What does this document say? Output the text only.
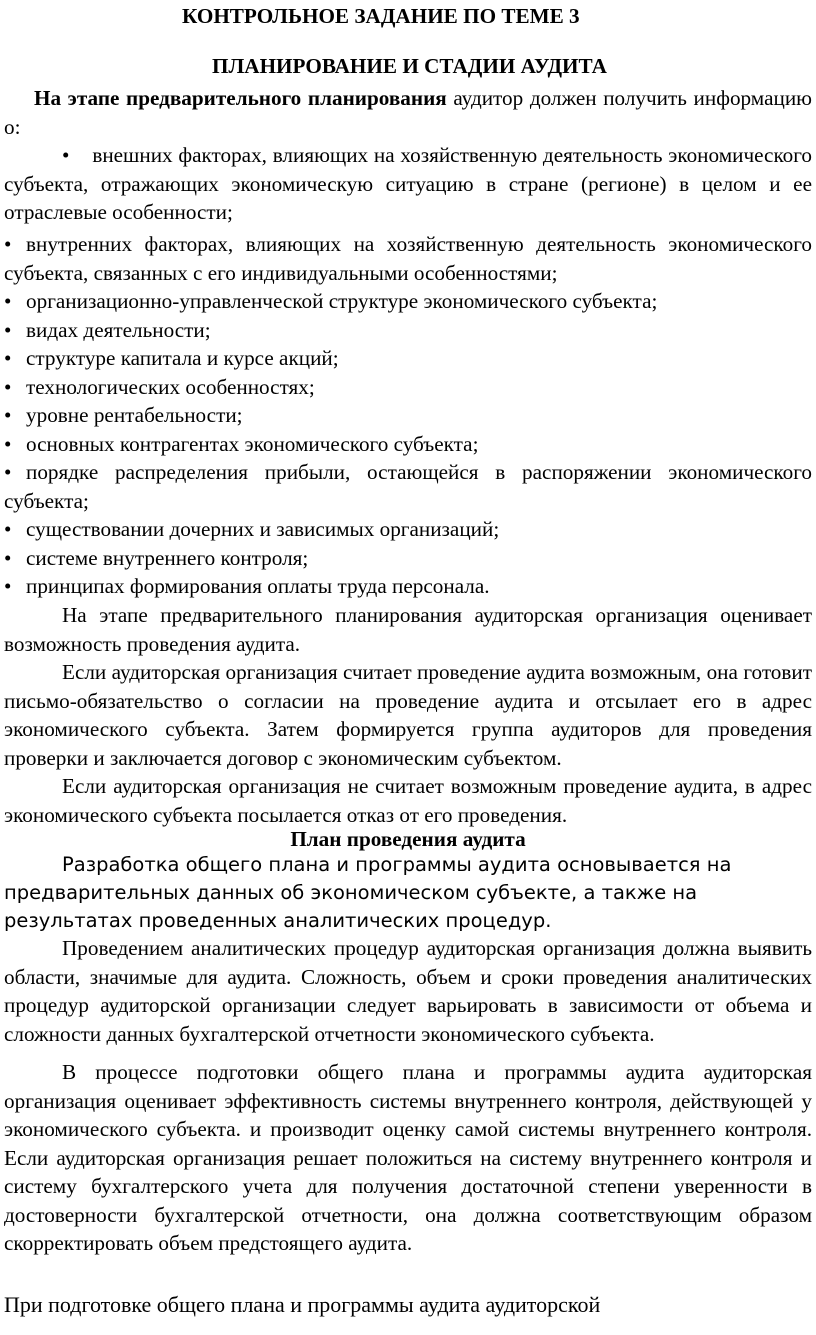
КОНТРОЛЬНОЕ ЗАДАНИЕ ПО ТЕМЕ 3
ПЛАНИРОВАНИЕ И СТАДИИ АУДИТА

На этапе предварительного планирования аудитор должен получить информацию о:

• внешних факторах, влияющих на хозяйственную деятельность экономического субъекта, отражающих экономическую ситуацию в стране (регионе) в целом и ее отраслевые особенности;

• внутренних факторах, влияющих на хозяйственную деятельность экономического субъекта, связанных с его индивидуальными особенностями;

• организационно-управленческой структуре экономического субъекта;

• видах деятельности;

• структуре капитала и курсе акций;

• технологических особенностях;

• уровне рентабельности;

• основных контрагентах экономического субъекта;

• порядке распределения прибыли, остающейся в распоряжении экономического субъекта;

• существовании дочерних и зависимых организаций;

• системе внутреннего контроля;

• принципах формирования оплаты труда персонала.

На этапе предварительного планирования аудиторская организация оценивает возможность проведения аудита.

Если аудиторская организация считает проведение аудита возможным, она готовит письмо-обязательство о согласии на проведение аудита и отсылает его в адрес экономического субъекта. Затем формируется группа аудиторов для проведения проверки и заключается договор с экономическим субъектом.

Если аудиторская организация не считает возможным проведение аудита, в адрес экономического субъекта посылается отказ от его проведения.

План проведения аудита

Разработка общего плана и программы аудита основывается на предварительных данных об экономическом субъекте, а также на результатах проведенных аналитических процедур.

Проведением аналитических процедур аудиторская организация должна выявить области, значимые для аудита. Сложность, объем и сроки проведения аналитических процедур аудиторской организации следует варьировать в зависимости от объема и сложности данных бухгалтерской отчетности экономического субъекта.

В процессе подготовки общего плана и программы аудита аудиторская организация оценивает эффективность системы внутреннего контроля, действующей у экономического субъекта. и производит оценку самой системы внутреннего контроля. Если аудиторская организация решает положиться на систему внутреннего контроля и систему бухгалтерского учета для получения достаточной степени уверенности в достоверности бухгалтерской отчетности, она должна соответствующим образом скорректировать объем предстоящего аудита.

При подготовке общего плана и программы аудита аудиторской
